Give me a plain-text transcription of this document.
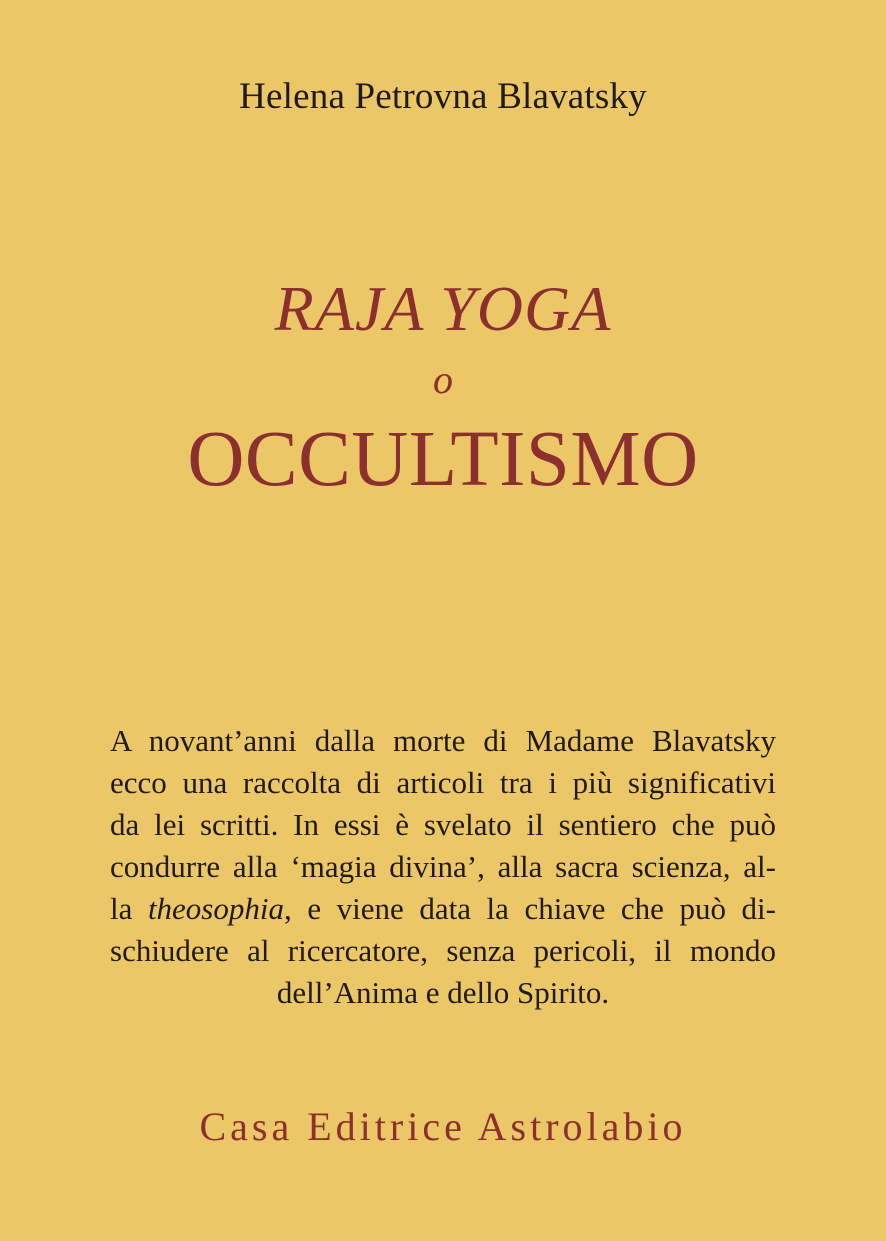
Helena Petrovna Blavatsky
RAJA YOGA
o
OCCULTISMO
A novant’anni dalla morte di Madame Blavatsky
ecco una raccolta di articoli tra i più significativi
da lei scritti. In essi è svelato il sentiero che può
condurre alla ‘magia divina’, alla sacra scienza, al-
la theosophia, e viene data la chiave che può di-
schiudere al ricercatore, senza pericoli, il mondo
dell’Anima e dello Spirito.
Casa Editrice Astrolabio
